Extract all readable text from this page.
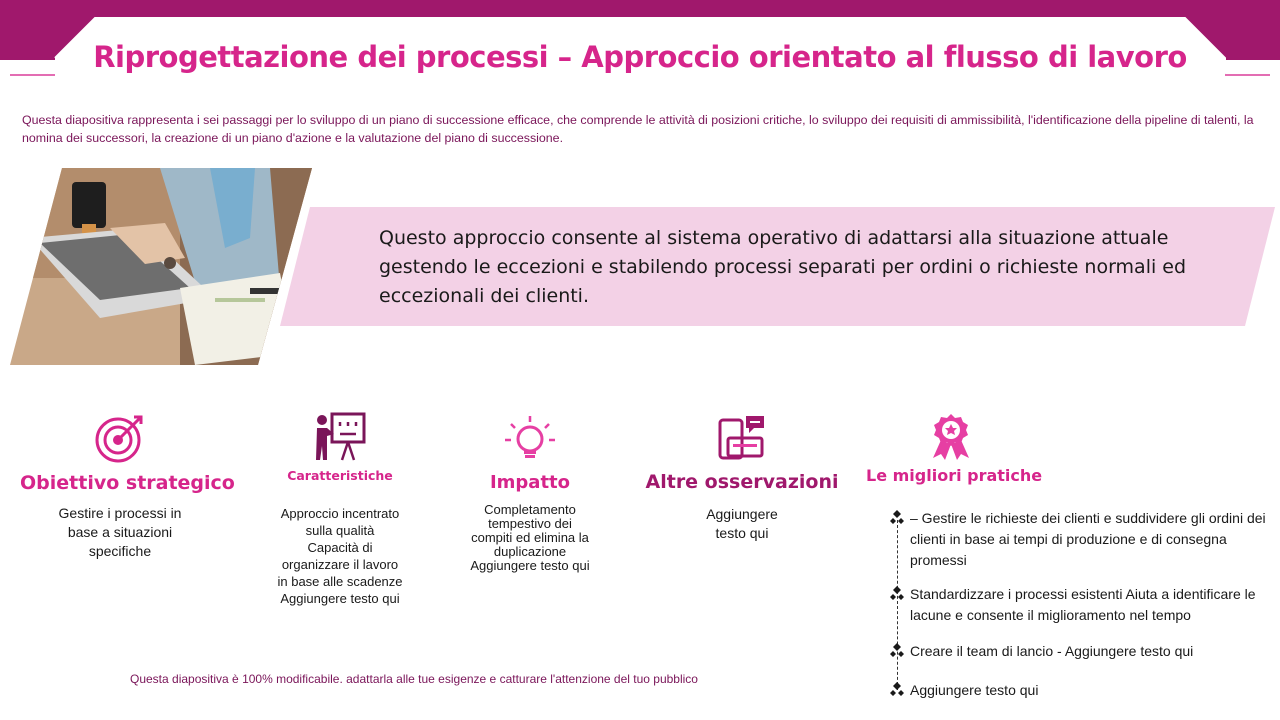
Riprogettazione dei processi – Approccio orientato al flusso di lavoro
Questa diapositiva rappresenta i sei passaggi per lo sviluppo di un piano di successione efficace, che comprende le attività di posizioni critiche, lo sviluppo dei requisiti di ammissibilità, l'identificazione della pipeline di talenti, la nomina dei successori, la creazione di un piano d'azione e la valutazione del piano di successione.
Questo approccio consente al sistema operativo di adattarsi alla situazione attuale gestendo le eccezioni e stabilendo processi separati per ordini o richieste normali ed eccezionali dei clienti.
Obiettivo strategico
Gestire i processi in
base a situazioni
specifiche
Caratteristiche
Approccio incentrato
sulla qualità
Capacità di
organizzare il lavoro
in base alle scadenze
Aggiungere testo qui
Impatto
Completamento
tempestivo dei
compiti ed elimina la
duplicazione
Aggiungere testo qui
Altre osservazioni
Aggiungere
testo qui
Le migliori pratiche
– Gestire le richieste dei clienti e suddividere gli ordini dei clienti in base ai tempi di produzione e di consegna promessi
Standardizzare i processi esistenti Aiuta a identificare le lacune e consente il miglioramento nel tempo
Creare il team di lancio - Aggiungere testo qui
Aggiungere testo qui
Questa diapositiva è 100% modificabile. adattarla alle tue esigenze e catturare l'attenzione del tuo pubblico
